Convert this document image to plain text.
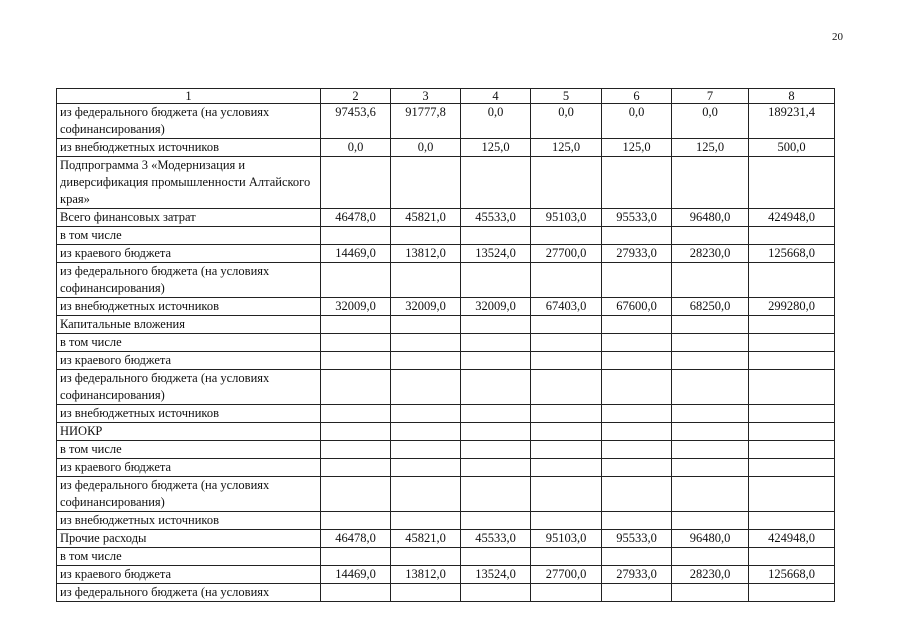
20
1	2	3	4	5	6	7	8
из федерального бюджета (на условиях софинансирования)	97453,6	91777,8	0,0	0,0	0,0	0,0	189231,4
из внебюджетных источников	0,0	0,0	125,0	125,0	125,0	125,0	500,0
Подпрограмма 3 «Модернизация и диверсификация промышленности Алтайского края»							
Всего финансовых затрат	46478,0	45821,0	45533,0	95103,0	95533,0	96480,0	424948,0
в том числе							
из краевого бюджета	14469,0	13812,0	13524,0	27700,0	27933,0	28230,0	125668,0
из федерального бюджета (на условиях софинансирования)							
из внебюджетных источников	32009,0	32009,0	32009,0	67403,0	67600,0	68250,0	299280,0
Капитальные вложения							
в том числе							
из краевого бюджета							
из федерального бюджета (на условиях софинансирования)							
из внебюджетных источников							
НИОКР							
в том числе							
из краевого бюджета							
из федерального бюджета (на условиях софинансирования)							
из внебюджетных источников							
Прочие расходы	46478,0	45821,0	45533,0	95103,0	95533,0	96480,0	424948,0
в том числе							
из краевого бюджета	14469,0	13812,0	13524,0	27700,0	27933,0	28230,0	125668,0
из федерального бюджета (на условиях							
